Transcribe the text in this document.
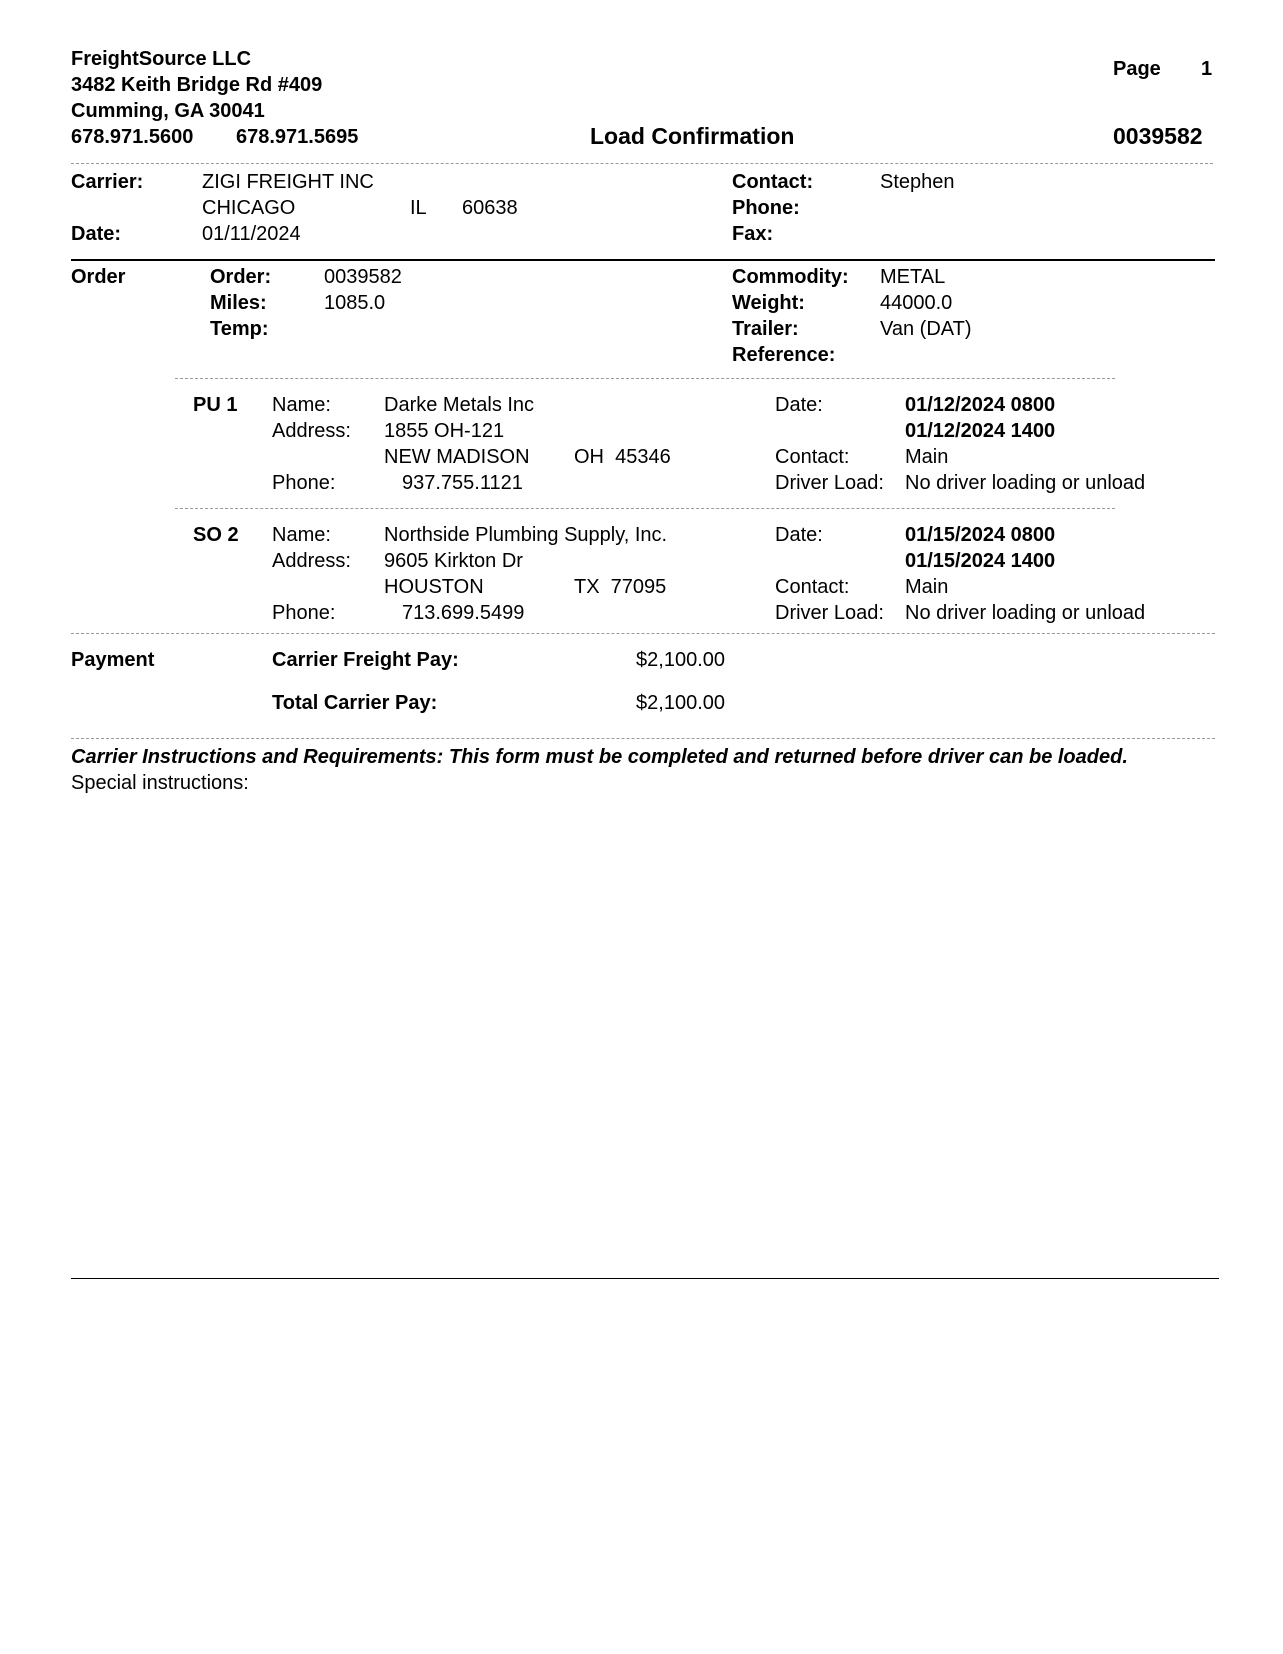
FreightSource LLC
3482 Keith Bridge Rd #409
Cumming, GA 30041
678.971.5600 678.971.5695
Page 1
Load Confirmation	0039582
Carrier:	ZIGI FREIGHT INC
CHICAGO	IL 60638
Date:	01/11/2024
Contact:	Stephen
Phone:
Fax:
Order	Order:	0039582
Miles:	1085.0
Temp:
Commodity: METAL
Weight:	44000.0
Trailer:	Van (DAT)
Reference:
PU 1 Name:	Darke Metals Inc
Address: 1855 OH-121
NEW MADISON OH  45346
Phone:	937.755.1121
Date:	01/12/2024 0800
01/12/2024 1400
Contact:	Main
Driver Load: No driver loading or unload
SO 2 Name:	Northside Plumbing Supply, Inc.
Address: 9605 Kirkton Dr
HOUSTON	TX  77095
Phone:	713.699.5499
Date:	01/15/2024 0800
01/15/2024 1400
Contact:	Main
Driver Load: No driver loading or unload
Payment	Carrier Freight Pay:	$2,100.00
Total Carrier Pay:	$2,100.00
Carrier Instructions and Requirements: This form must be completed and returned before driver can be loaded.
Special instructions:
